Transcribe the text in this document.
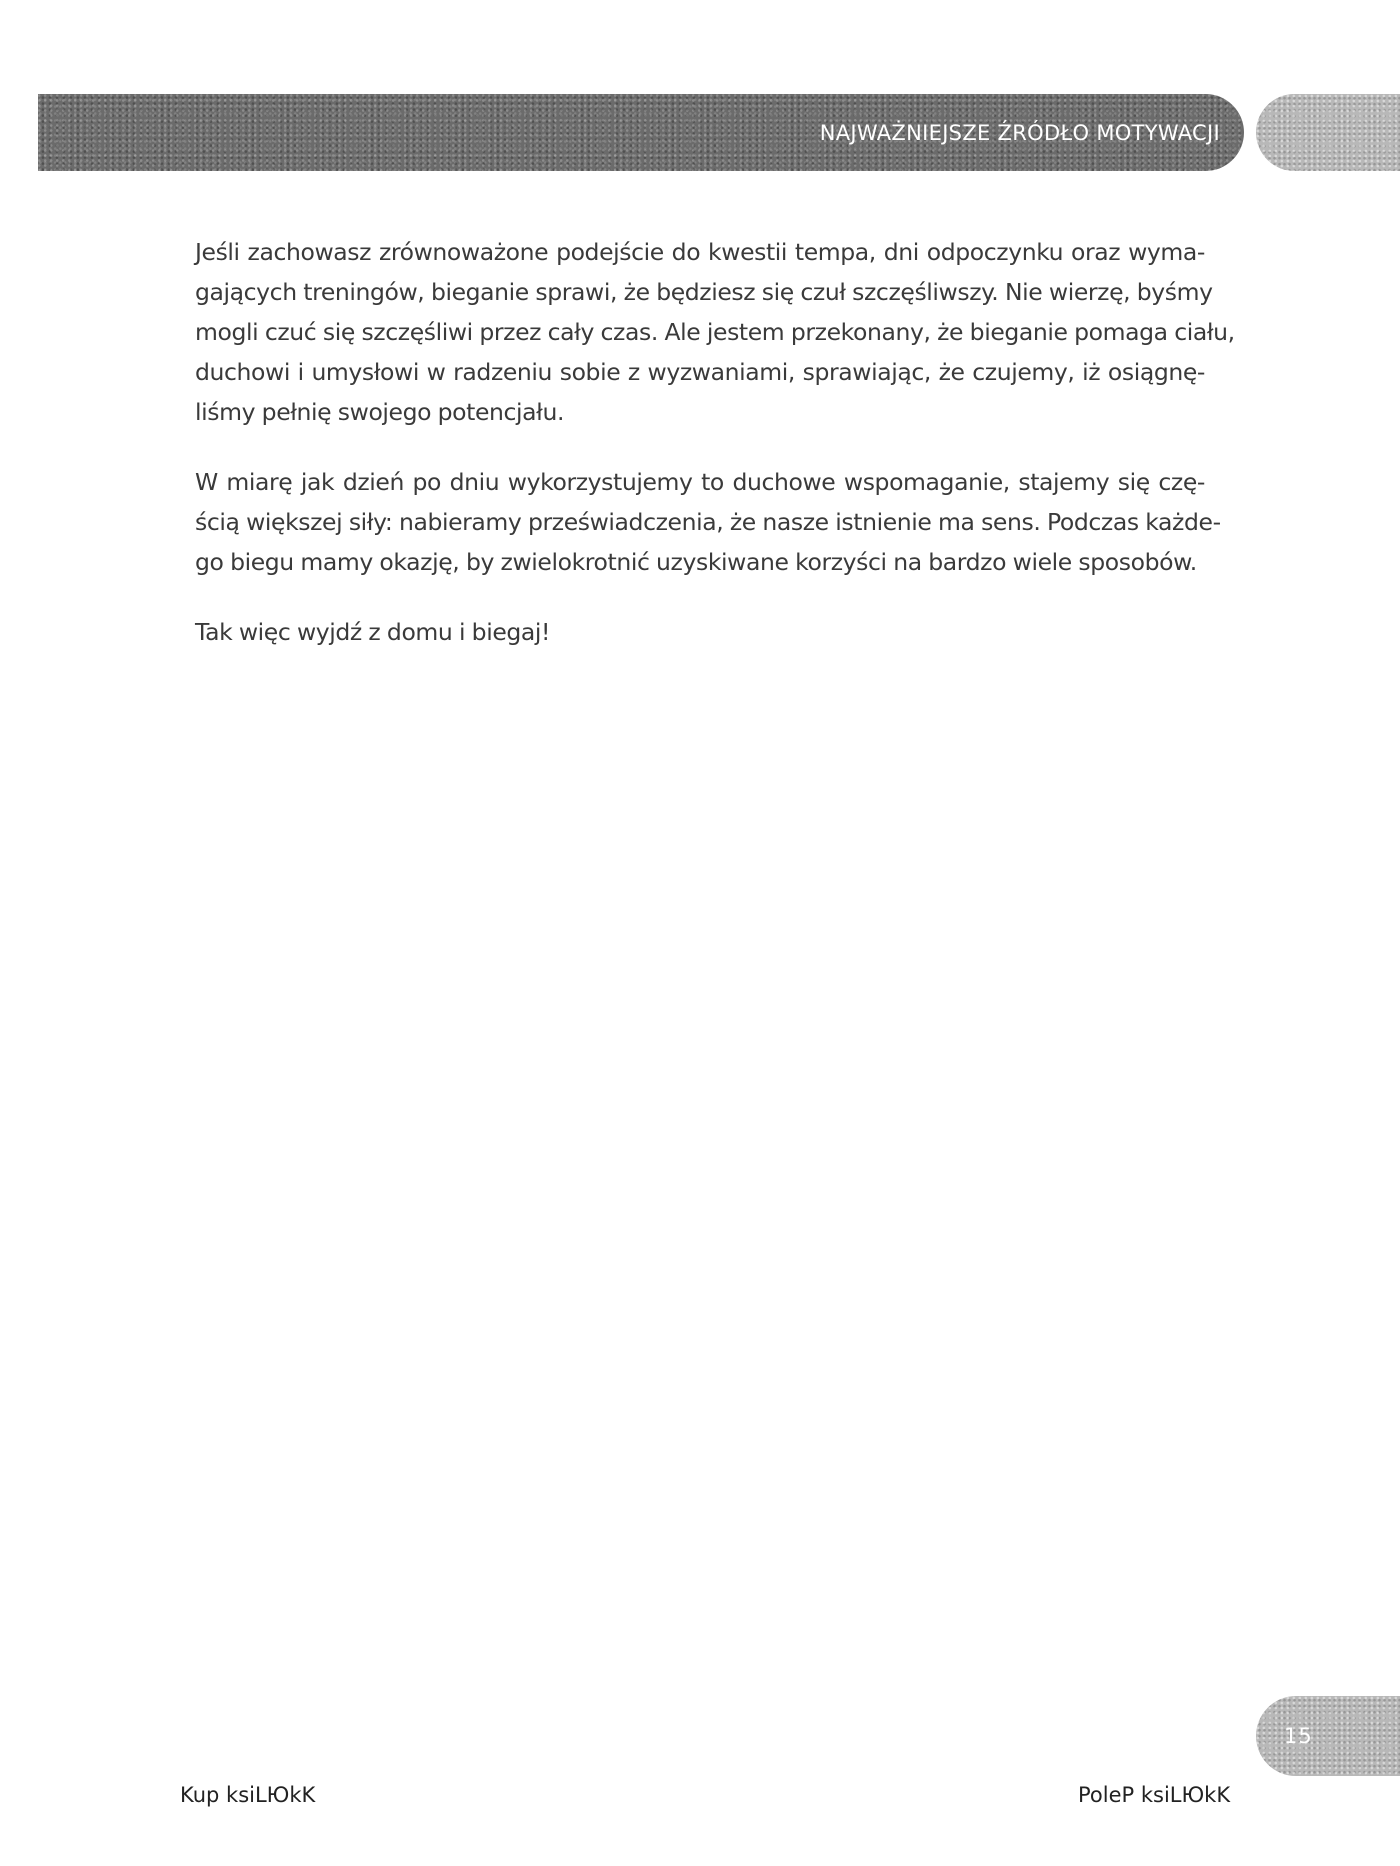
NAJWAŻNIEJSZE ŹRÓDŁO MOTYWACJI

Jeśli zachowasz zrównoważone podejście do kwestii tempa, dni odpoczynku oraz wyma-
gających treningów, bieganie sprawi, że będziesz się czuł szczęśliwszy. Nie wierzę, byśmy
mogli czuć się szczęśliwi przez cały czas. Ale jestem przekonany, że bieganie pomaga ciału,
duchowi i umysłowi w radzeniu sobie z wyzwaniami, sprawiając, że czujemy, iż osiągnę-
liśmy pełnię swojego potencjału.

W miarę jak dzień po dniu wykorzystujemy to duchowe wspomaganie, stajemy się czę-
ścią większej siły: nabieramy przeświadczenia, że nasze istnienie ma sens. Podczas każde-
go biegu mamy okazję, by zwielokrotnić uzyskiwane korzyści na bardzo wiele sposobów.

Tak więc wyjdź z domu i biegaj!

15
Kup ksiLЮkK	PoleP ksiLЮkK
